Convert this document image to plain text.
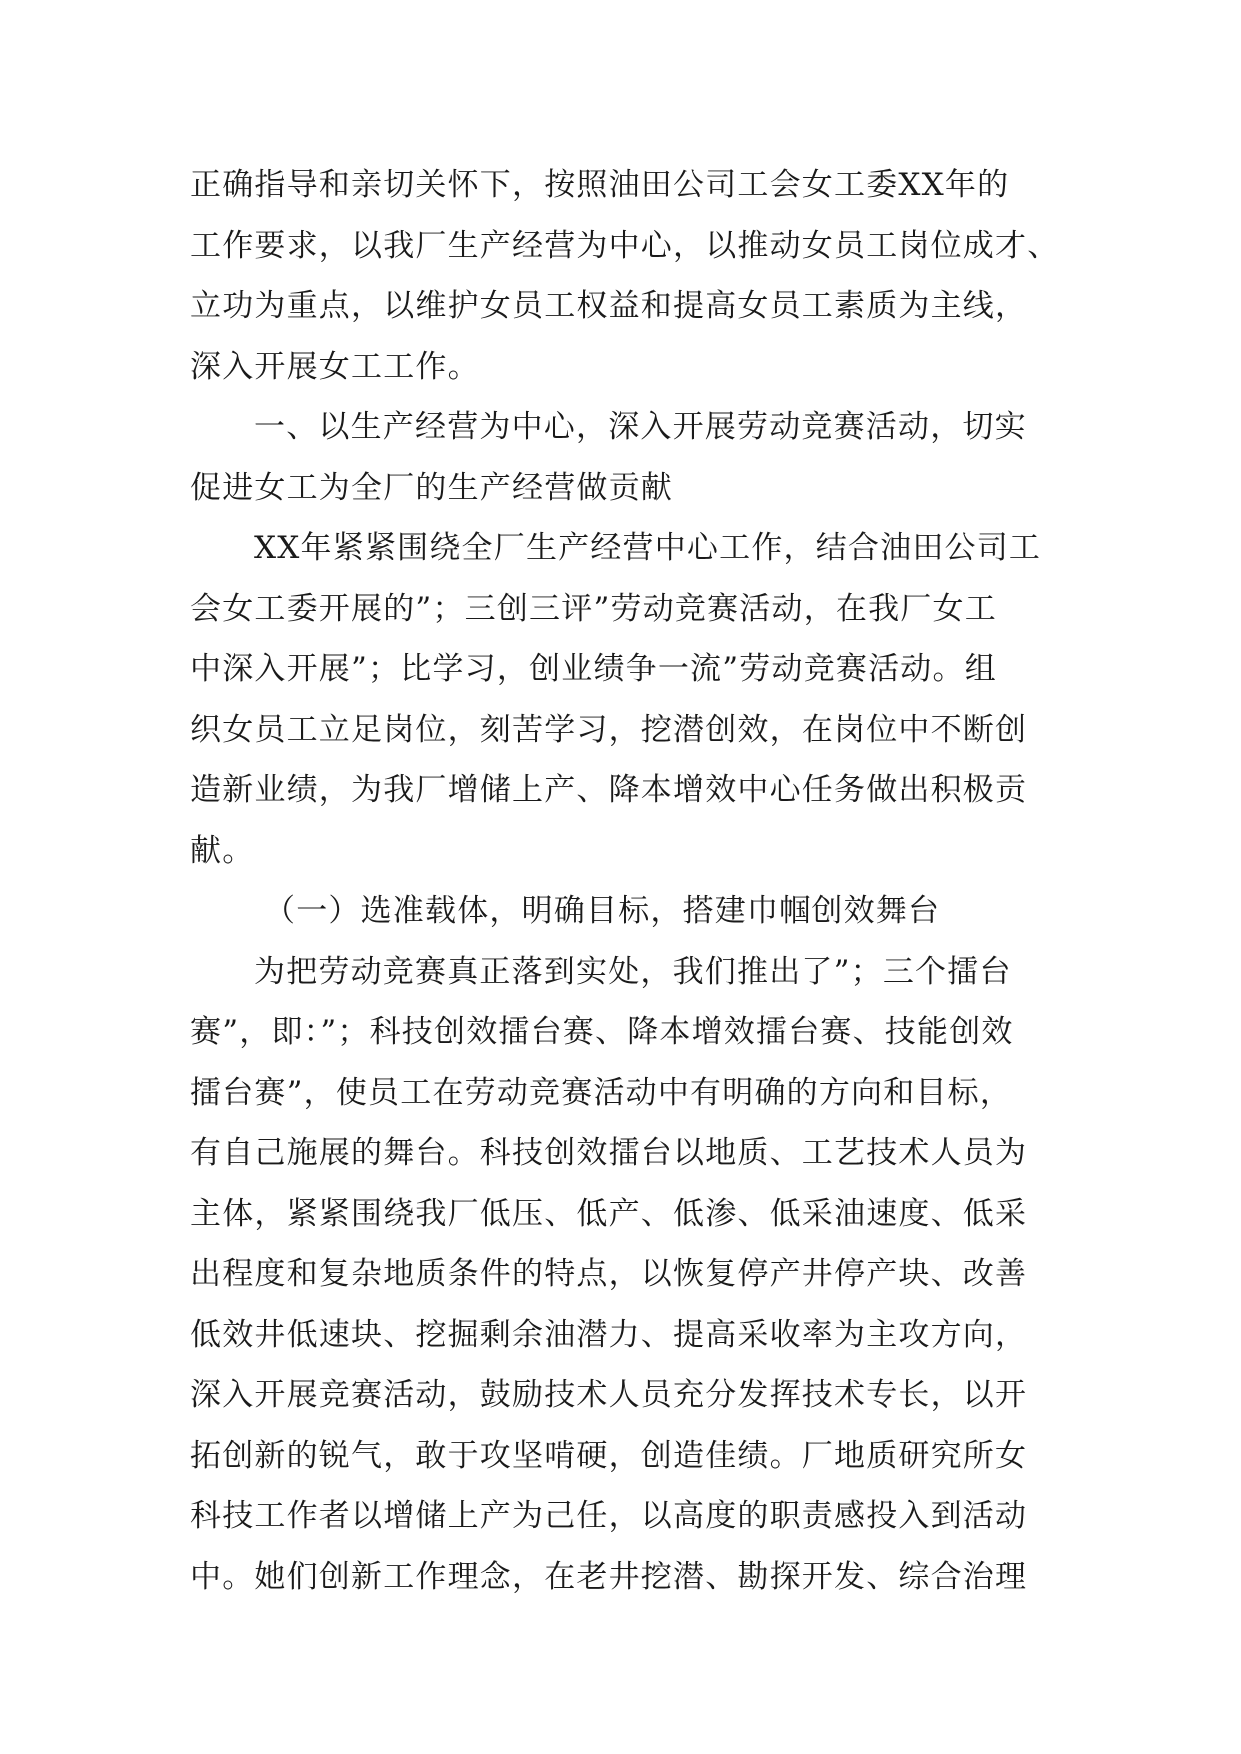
正确指导和亲切关怀下，按照油田公司工会女工委XX年的
工作要求，以我厂生产经营为中心，以推动女员工岗位成才、
立功为重点，以维护女员工权益和提高女员工素质为主线，
深入开展女工工作。
一、以生产经营为中心，深入开展劳动竞赛活动，切实
促进女工为全厂的生产经营做贡献
XX年紧紧围绕全厂生产经营中心工作，结合油田公司工
会女工委开展的”；三创三评”劳动竞赛活动，在我厂女工
中深入开展”；比学习，创业绩争一流”劳动竞赛活动。组
织女员工立足岗位，刻苦学习，挖潜创效，在岗位中不断创
造新业绩，为我厂增储上产、降本增效中心任务做出积极贡
献。
（一）选准载体，明确目标，搭建巾帼创效舞台
为把劳动竞赛真正落到实处，我们推出了”；三个擂台
赛”，即：”；科技创效擂台赛、降本增效擂台赛、技能创效
擂台赛”，使员工在劳动竞赛活动中有明确的方向和目标，
有自己施展的舞台。科技创效擂台以地质、工艺技术人员为
主体，紧紧围绕我厂低压、低产、低渗、低采油速度、低采
出程度和复杂地质条件的特点，以恢复停产井停产块、改善
低效井低速块、挖掘剩余油潜力、提高采收率为主攻方向，
深入开展竞赛活动，鼓励技术人员充分发挥技术专长，以开
拓创新的锐气，敢于攻坚啃硬，创造佳绩。厂地质研究所女
科技工作者以增储上产为己任，以高度的职责感投入到活动
中。她们创新工作理念，在老井挖潜、勘探开发、综合治理
